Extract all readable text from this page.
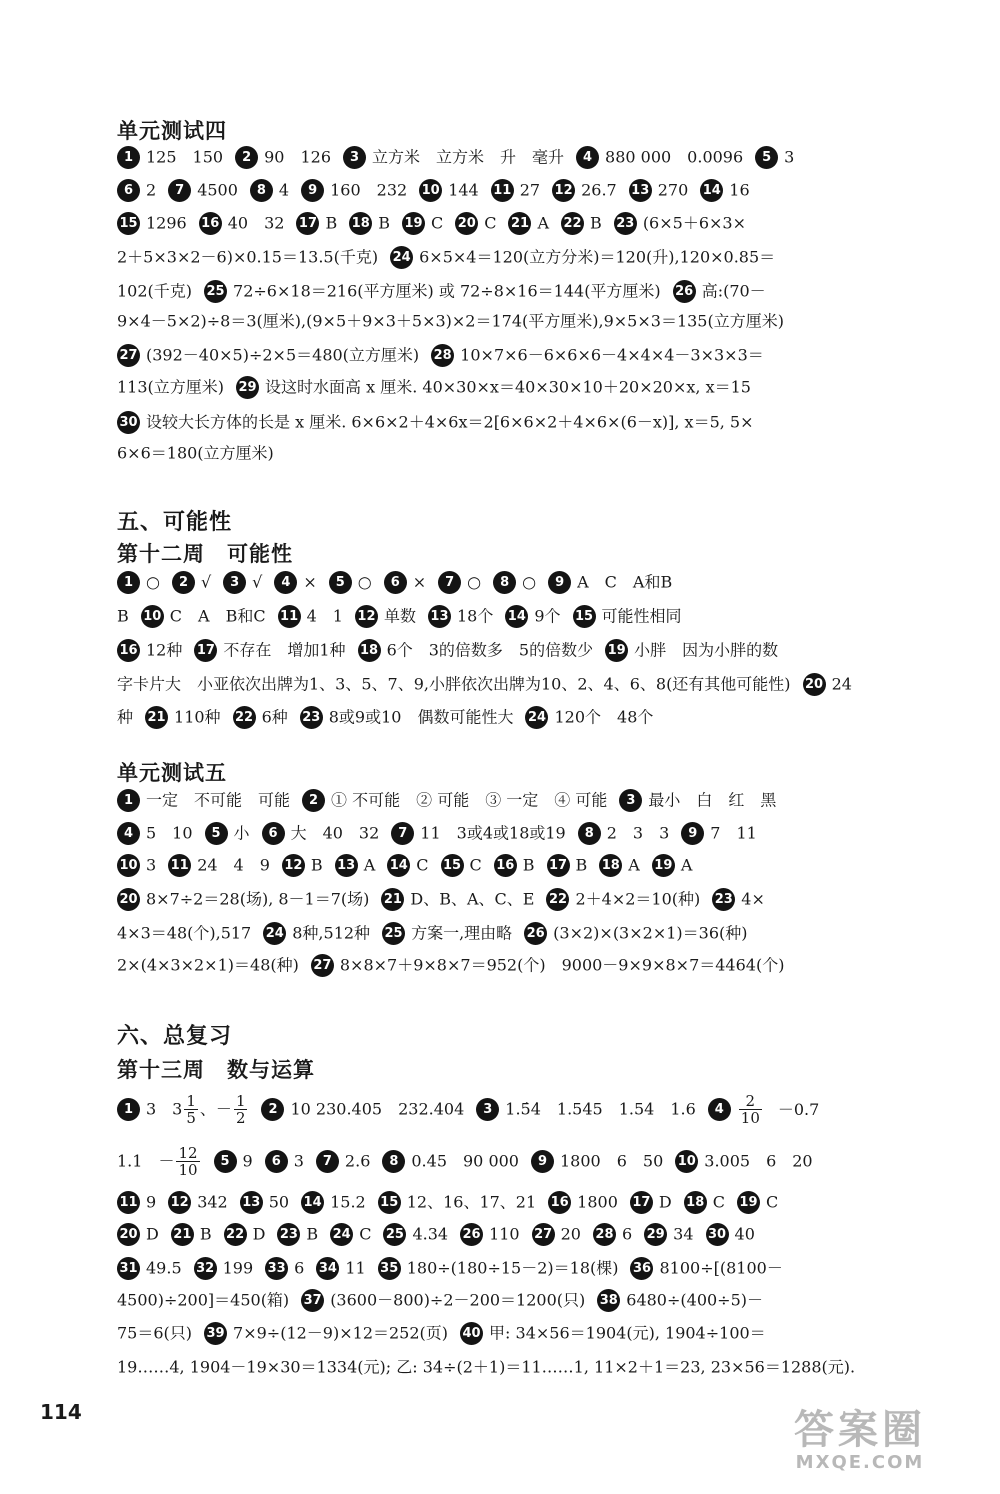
单元测试四
五、可能性
第十二周　可能性
单元测试五
六、总复习
第十三周　数与运算
1 125　150 2 90　126 3 立方米　立方米　升　毫升 4 880 000　0.0096 5 3
6 2 7 4500 8 4 9 160　232 10 144 11 27 12 26.7 13 270 14 16
15 1296 16 40　32 17 B 18 B 19 C 20 C 21 A 22 B 23 (6×5＋6×3×
2＋5×3×2－6)×0.15＝13.5(千克) 24 6×5×4＝120(立方分米)＝120(升),120×0.85＝
102(千克) 25 72÷6×18＝216(平方厘米) 或 72÷8×16＝144(平方厘米) 26 高:(70－
9×4－5×2)÷8＝3(厘米),(9×5＋9×3＋5×3)×2＝174(平方厘米),9×5×3＝135(立方厘米)
27 (392－40×5)÷2×5＝480(立方厘米) 28 10×7×6－6×6×6－4×4×4－3×3×3＝
113(立方厘米) 29 设这时水面高 x 厘米. 40×30×x＝40×30×10＋20×20×x, x＝15
30 设较大长方体的长是 x 厘米. 6×6×2＋4×6x＝2[6×6×2＋4×6×(6－x)], x＝5, 5×
6×6＝180(立方厘米)
1 ○ 2 √ 3 √ 4 × 5 ○ 6 × 7 ○ 8 ○ 9 A　C　A和B
B 10 C　A　B和C 11 4　1 12 单数 13 18个 14 9个 15 可能性相同
16 12种 17 不存在　增加1种 18 6个　3的倍数多　5的倍数少 19 小胖　因为小胖的数
字卡片大　小亚依次出牌为1、3、5、7、9,小胖依次出牌为10、2、4、6、8(还有其他可能性) 20 24
种 21 110种 22 6种 23 8或9或10　偶数可能性大 24 120个　48个
1 一定　不可能　可能 2 ① 不可能　② 可能　③ 一定　④ 可能 3 最小　白　红　黑
4 5　10 5 小 6 大　40　32 7 11　3或4或18或19 8 2　3　3 9 7　11
10 3 11 24　4　9 12 B 13 A 14 C 15 C 16 B 17 B 18 A 19 A
20 8×7÷2＝28(场), 8－1＝7(场) 21 D、B、A、C、E 22 2＋4×2＝10(种) 23 4×
4×3＝48(个),517 24 8种,512种 25 方案一,理由略 26 (3×2)×(3×2×1)＝36(种)
2×(4×3×2×1)＝48(种) 27 8×8×7＋9×8×7＝952(个)　9000－9×9×8×7＝4464(个)
1 3　$3 \frac{1}{5}$ 、－ $\frac{1}{2} 2$ 10 230.405　232.404 3 1.5̇4̇　1.545　1.54　1.6 $4 \frac{2}{10} -0.7$
1.1　－ $\frac{12}{10} 5$ 9 6 3 7 2.6 8 0.45　90 000 9 1800　6　50 10 3.005　6　20
11 9 12 342 13 50 14 15.2 15 12、16、17、21 16 1800 17 D 18 C 19 C
20 D 21 B 22 D 23 B 24 C 25 4.34 26 110 27 20 28 6 29 34 30 40
31 49.5 32 199 33 6 34 11 35 180÷(180÷15－2)＝18(棵) 36 8100÷[(8100－
4500)÷200]＝450(箱) 37 (3600－800)÷2－200＝1200(只) 38 6480÷(400÷5)－
75＝6(只) 39 7×9÷(12－9)×12＝252(页) 40 甲: 34×56＝1904(元), 1904÷100＝
19……4, 1904－19×30＝1334(元); 乙: 34÷(2＋1)＝11……1, 11×2＋1＝23, 23×56＝1288(元).
114	答案圈
MXQE.COM
